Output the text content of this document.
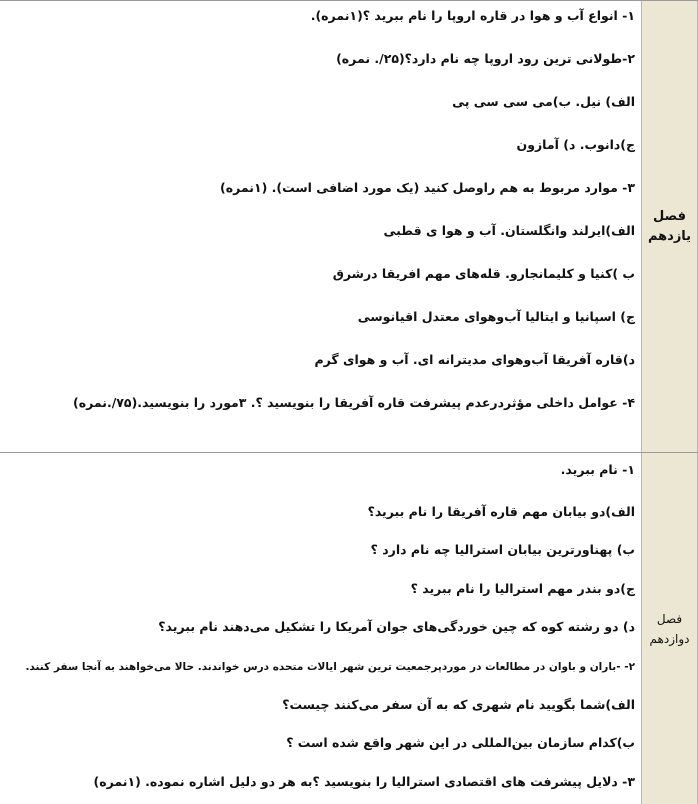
فصل
یازدهم
۱- انواع آب و هوا در قاره اروپا را نام ببرید ؟(۱نمره).
۲-طولانی ترین رود اروپا چه نام دارد؟(۲۵/. نمره)
الف) نیل. ب)می سی سی پی
ج)دانوب. د) آمازون
۳- موارد مربوط به هم راوصل کنید (یک مورد اضافی است). (۱نمره)
الف)ایرلند وانگلستان. آب و هوا ی قطبی
ب )کنیا و کلیمانجارو. قله‌های مهم افریقا درشرق
ج) اسپانیا و ایتالیا آب‌وهوای معتدل اقیانوسی
د)قاره آفریقا آب‌وهوای مدیترانه ای. آب و هوای گرم
۴- عوامل داخلی مؤثردرعدم پیشرفت قاره آفریقا را بنویسید ؟. ۳مورد را بنویسید.(۷۵/.نمره)
فصل
دوازدهم
۱- نام ببرید.
الف)دو بیابان مهم قاره آفریقا را نام ببرید؟
ب) پهناورترین بیابان استرالیا چه نام دارد ؟
ج)دو بندر مهم استرالیا را نام ببرید ؟
د) دو رشته کوه که چین خوردگی‌های جوان آمریکا را تشکیل می‌دهند نام ببرید؟
۲- -باران و باوان در مطالعات در موردپرجمعیت ترین شهر ایالات متحده درس خواندند. حالا می‌خواهند به آنجا سفر کنند.
الف)شما بگویید نام شهری که به آن سفر می‌کنند چیست؟
ب)کدام سازمان بین‌المللی در این شهر واقع شده است ؟
۳- دلایل پیشرفت های اقتصادی استرالیا را بنویسید ؟به هر دو دلیل اشاره نموده. (۱نمره)
